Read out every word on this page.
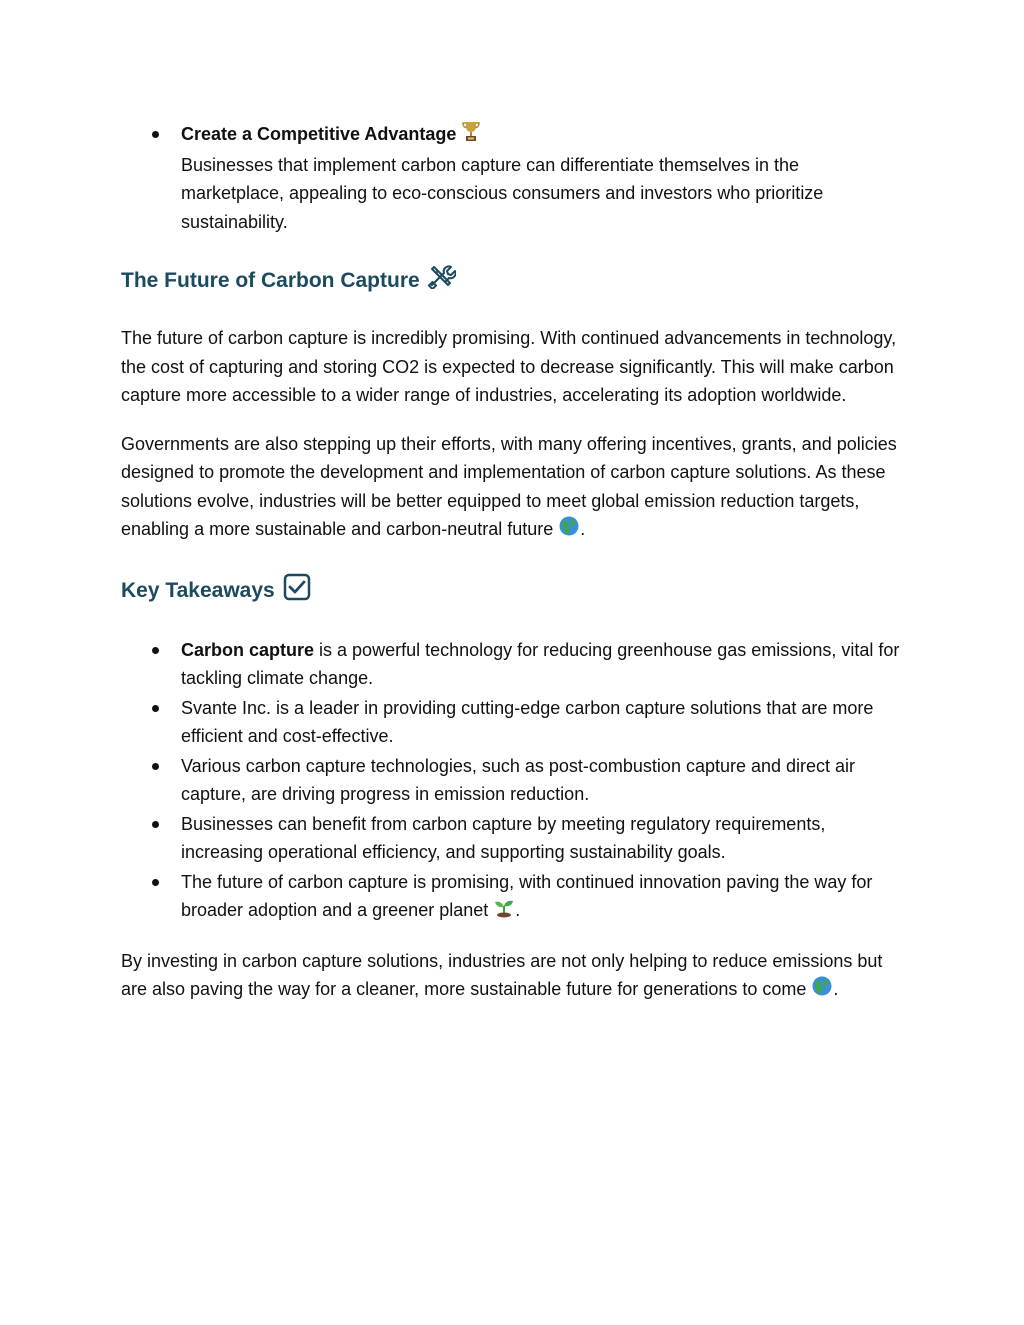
Create a Competitive Advantage
Businesses that implement carbon capture can differentiate themselves in the marketplace, appealing to eco-conscious consumers and investors who prioritize sustainability.
The Future of Carbon Capture

The future of carbon capture is incredibly promising. With continued advancements in technology, the cost of capturing and storing CO2 is expected to decrease significantly. This will make carbon capture more accessible to a wider range of industries, accelerating its adoption worldwide.

Governments are also stepping up their efforts, with many offering incentives, grants, and policies designed to promote the development and implementation of carbon capture solutions. As these solutions evolve, industries will be better equipped to meet global emission reduction targets, enabling a more sustainable and carbon-neutral future .

Key Takeaways
Carbon capture is a powerful technology for reducing greenhouse gas emissions, vital for tackling climate change.
Svante Inc. is a leader in providing cutting-edge carbon capture solutions that are more efficient and cost-effective.
Various carbon capture technologies, such as post-combustion capture and direct air capture, are driving progress in emission reduction.
Businesses can benefit from carbon capture by meeting regulatory requirements, increasing operational efficiency, and supporting sustainability goals.
The future of carbon capture is promising, with continued innovation paving the way for broader adoption and a greener planet .

By investing in carbon capture solutions, industries are not only helping to reduce emissions but are also paving the way for a cleaner, more sustainable future for generations to come .
